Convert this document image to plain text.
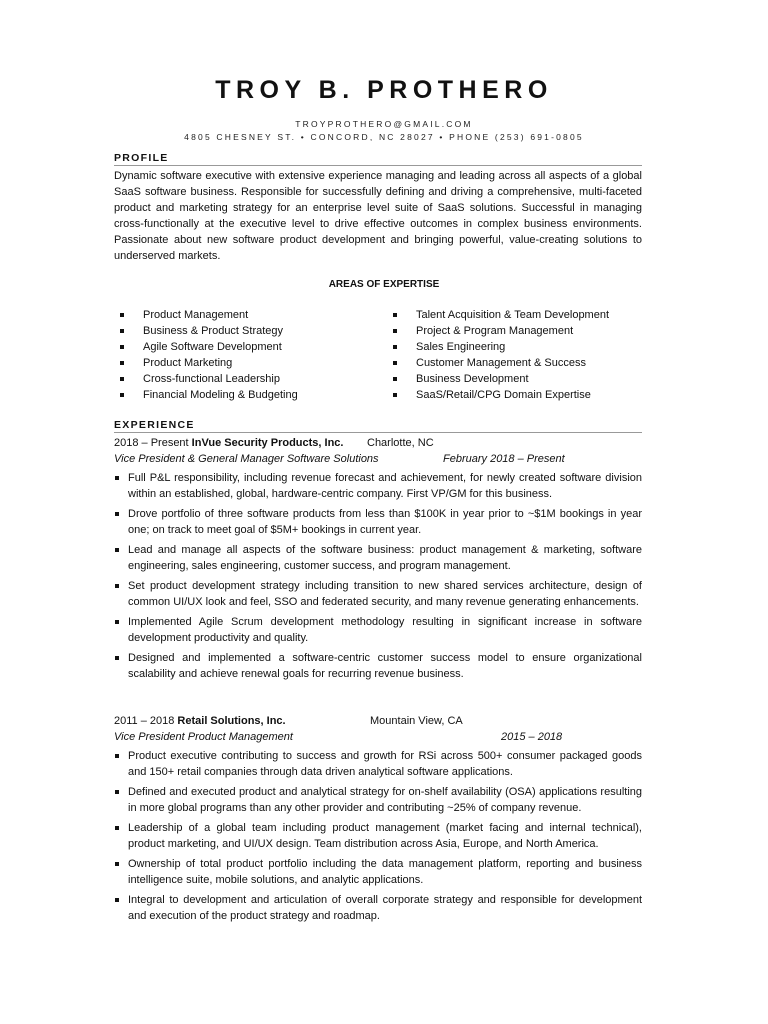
TROY B. PROTHERO
TROYPROTHERO@GMAIL.COM
4805 CHESNEY ST. • CONCORD, NC 28027 • PHONE (253) 691-0805
PROFILE

Dynamic software executive with extensive experience managing and leading across all aspects of a global SaaS software business. Responsible for successfully defining and driving a comprehensive, multi-faceted product and marketing strategy for an enterprise level suite of SaaS solutions. Successful in managing cross-functionally at the executive level to drive effective outcomes in complex business environments. Passionate about new software product development and bringing powerful, value-creating solutions to underserved markets.

AREAS OF EXPERTISE
Product Management
Business & Product Strategy
Agile Software Development
Product Marketing
Cross-functional Leadership
Financial Modeling & Budgeting
Talent Acquisition & Team Development
Project & Program Management
Sales Engineering
Customer Management & Success
Business Development
SaaS/Retail/CPG Domain Expertise
EXPERIENCE
2018 – Present InVue Security Products, Inc. Charlotte, NC
Vice President & General Manager Software Solutions	February 2018 – Present
Full P&L responsibility, including revenue forecast and achievement, for newly created software division within an established, global, hardware-centric company. First VP/GM for this business.
Drove portfolio of three software products from less than $100K in year prior to ~$1M bookings in year one; on track to meet goal of $5M+ bookings in current year.
Lead and manage all aspects of the software business: product management & marketing, software engineering, sales engineering, customer success, and program management.
Set product development strategy including transition to new shared services architecture, design of common UI/UX look and feel, SSO and federated security, and many revenue generating enhancements.
Implemented Agile Scrum development methodology resulting in significant increase in software development productivity and quality.
Designed and implemented a software-centric customer success model to ensure organizational scalability and achieve renewal goals for recurring revenue business.
2011 – 2018 Retail Solutions, Inc.	Mountain View, CA
Vice President Product Management	2015 – 2018
Product executive contributing to success and growth for RSi across 500+ consumer packaged goods and 150+ retail companies through data driven analytical software applications.
Defined and executed product and analytical strategy for on-shelf availability (OSA) applications resulting in more global programs than any other provider and contributing ~25% of company revenue.
Leadership of a global team including product management (market facing and internal technical), product marketing, and UI/UX design. Team distribution across Asia, Europe, and North America.
Ownership of total product portfolio including the data management platform, reporting and business intelligence suite, mobile solutions, and analytic applications.
Integral to development and articulation of overall corporate strategy and responsible for development and execution of the product strategy and roadmap.
